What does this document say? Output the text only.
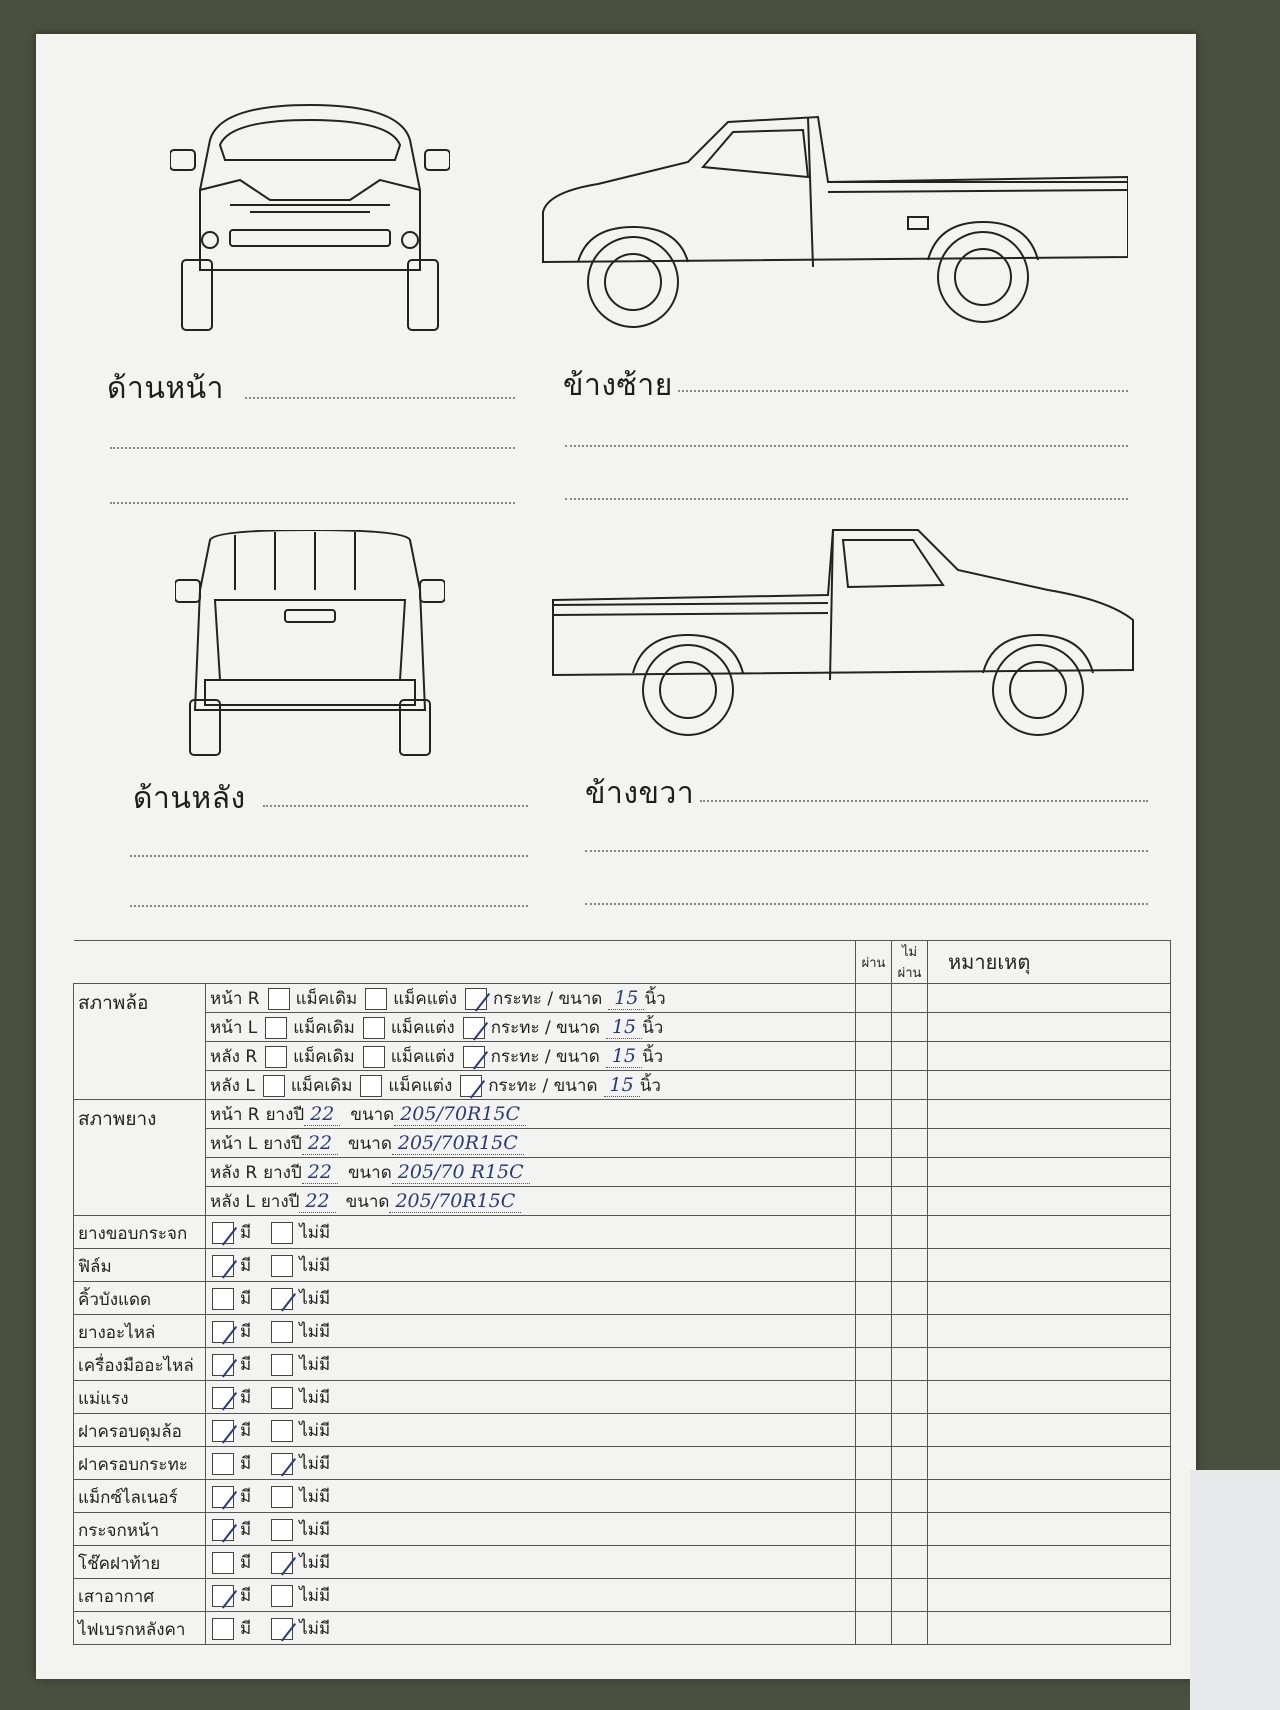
ด้านหน้า	ข้างซ้าย
ด้านหลัง	ข้างขวา
		ผ่าน	ไม่ผ่าน	หมายเหตุ
สภาพล้อ	หน้า R แม็คเดิม แม็คแต่ง กระทะ / ขนาด 15 นิ้ว			
	หน้า L แม็คเดิม แม็คแต่ง กระทะ / ขนาด 15 นิ้ว			
	หลัง R แม็คเดิม แม็คแต่ง กระทะ / ขนาด 15 นิ้ว			
	หลัง L แม็คเดิม แม็คแต่ง กระทะ / ขนาด 15 นิ้ว			
สภาพยาง	หน้า R ยางปี 22 ขนาด 205/70R15C			
	หน้า L ยางปี 22 ขนาด 205/70R15C			
	หลัง R ยางปี 22 ขนาด 205/70 R15C			
	หลัง L ยางปี 22 ขนาด 205/70R15C			
ยางขอบกระจก	มี ไม่มี			
ฟิล์ม	มี ไม่มี			
คิ้วบังแดด	มี ไม่มี			
ยางอะไหล่	มี ไม่มี			
เครื่องมืออะไหล่	มี ไม่มี			
แม่แรง	มี ไม่มี			
ฝาครอบดุมล้อ	มี ไม่มี			
ฝาครอบกระทะ	มี ไม่มี			
แม็กซ์ไลเนอร์	มี ไม่มี			
กระจกหน้า	มี ไม่มี			
โช๊คฝาท้าย	มี ไม่มี			
เสาอากาศ	มี ไม่มี			
ไฟเบรกหลังคา	มี ไม่มี			
